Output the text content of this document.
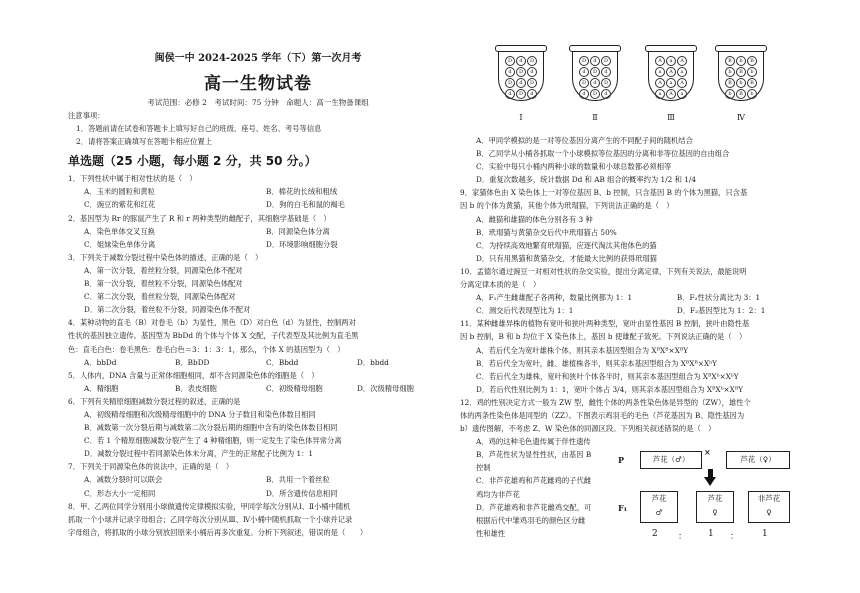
闽侯一中 2024-2025 学年（下）第一次月考
高一生物试卷
考试范围：必修 2　考试时间：75 分钟　命题人：高一生物备课组
注意事项：
1．答题前请在试卷和答题卡上填写好自己的班级、座号、姓名、考号等信息
2．请将答案正确填写在答题卡相应位置上
单选题（25 小题，每小题 2 分，共 50 分。）
1．下列性状中属于相对性状的是（　）
A．玉米的圆粒和黄粒	B．棉花的长绒和粗绒
C．豌豆的紫花和红花	D．狗的白毛和鼠的褐毛
2．基因型为 Rr 的豚鼠产生了 R 和 r 两种类型的雌配子，其细胞学基础是（　）
A．染色单体交叉互换	B．同源染色体分离
C．姐妹染色单体分离	D．环境影响细胞分裂
3．下列关于减数分裂过程中染色体的描述，正确的是（　）
A．第一次分裂，着丝粒分裂，同源染色体不配对
B．第一次分裂，着丝粒不分裂，同源染色体配对
C．第二次分裂，着丝粒分裂，同源染色体配对
D．第二次分裂，着丝粒不分裂，同源染色体不配对
4．某种动物的直毛（B）对卷毛（b）为显性，黑色（D）对白色（d）为显性，控制两对
性状的基因独立遗传。基因型为 BbDd 的个体与个体 X 交配，子代表型及其比例为直毛黑
色：直毛白色：卷毛黑色：卷毛白色＝3：1：3：1，那么，个体 X 的基因型为（　）
A．bbDd	B．BbDD	C．Bbdd	D．bbdd
5．人体内，DNA 含量与正常体细胞相同，却不含同源染色体的细胞是（　）
A．精细胞	B．表皮细胞	C．初级精母细胞	D．次级精母细胞
6．下列有关精原细胞减数分裂过程的叙述，正确的是
A．初级精母细胞和次级精母细胞中的 DNA 分子数目和染色体数目相同
B．减数第一次分裂后期与减数第二次分裂后期的细胞中含有的染色体数目相同
C．若 1 个精原细胞减数分裂产生了 4 种精细胞，则一定发生了染色体异常分离
D．减数分裂过程中若同源染色体未分离，产生的正常配子比例为 1：1
7．下列关于同源染色体的说法中，正确的是（　）
A．减数分裂时可以联会	B．共用一个着丝粒
C．形态大小一定相同	D．所含遗传信息相同
8．甲、乙两位同学分别用小球做遗传定律模拟实验，甲同学每次分别从Ⅰ、Ⅱ小桶中随机
抓取一个小球并记录字母组合；乙同学每次分别从Ⅲ、Ⅳ小桶中随机抓取一个小球并记录
字母组合，将抓取的小球分别放回原来小桶后再多次重复。分析下列叙述，错误的是（　　）
D	d	D
d	D	d
D	d	D
d	D	d
Ⅰ
D	d	D
d	D	d
D	d	D
d	D	d
Ⅱ
A	a	A
a	A	a
A	a	A
a	A	a
Ⅲ
B	b	B
b	B	b
B	b	B
b	B	b
Ⅳ
A．甲同学模拟的是一对等位基因分离产生的不同配子间的随机结合
B．乙同学从小桶各抓取一个小球模拟等位基因的分离和非等位基因的自由组合
C．实验中每只小桶内两种小球的数量和小球总数都必须相等
D．重复次数越多，统计数据 Dd 和 AB 组合的概率约为 1/2 和 1/4
9．家猫体色由 X 染色体上一对等位基因 B、b 控制，只含基因 B 的个体为黑猫，只含基
因 b 的个体为黄猫，其他个体为玳瑁猫，下列说法正确的是（　）
A．雌猫和雄猫的体色分别各有 3 种
B．玳瑁猫与黄猫杂交后代中玳瑁猫占 50%
C．为持续高效地繁育玳瑁猫，应逐代淘汰其他体色的猫
D．只有用黑猫和黄猫杂交，才能最大比例的获得玳瑁猫
10．孟德尔通过豌豆一对相对性状的杂交实验，提出分离定律，下列有关说法，最能说明
分离定律本质的是（　）
A．F₁产生雌雄配子各两种，数量比例都为 1：1	B．F₂性状分离比为 3：1
C．测交后代表现型比为 1：1	D．F₂基因型比为 1：2：1
11．某种雌雄异株的植物有宽叶和狭叶两种类型，宽叶由显性基因 B 控制，狭叶由隐性基
因 b 控制，B 和 b 均位于 X 染色体上，基因 b 使雄配子致死。下列说法正确的是（　）
A．若后代全为宽叶雄株个体，则其亲本基因型组合为 XᴮXᴮ×XᴮY
B．若后代全为宽叶，雌、雄植株各半，则其亲本基因型组合为 XᴮXᴮ×XᵇY
C．若后代全为雄株，宽叶和狭叶个体各半时，则其亲本基因型组合为 XᴮXᵇ×XᵇY
D．若后代性别比例为 1：1，宽叶个体占 3/4，则其亲本基因型组合为 XᴮXᵇ×XᴮY
12．鸡的性别决定方式一般为 ZW 型，雌性个体的两条性染色体是异型的（ZW），雄性个
体的两条性染色体是同型的（ZZ）。下图表示鸡羽毛的毛色（芦花基因为 B、隐性基因为
b）遗传图解，不考虑 Z、W 染色体的同源区段。下列相关叙述错误的是（　）
A．鸡的这种毛色遗传属于伴性遗传
B．芦花性状为显性性状，由基因 B
控制
C．非芦花雄鸡和芦花雌鸡的子代雌
鸡均为非芦花
D．芦花雄鸡和非芦花雌鸡交配，可
根据后代中雏鸡羽毛的颜色区分雌
性和雄性
P	芦花（♂）
×
芦花（♀）
F₁
芦花
♂
芦花
♀
非芦花
♀
2 ： 1 ：	1
